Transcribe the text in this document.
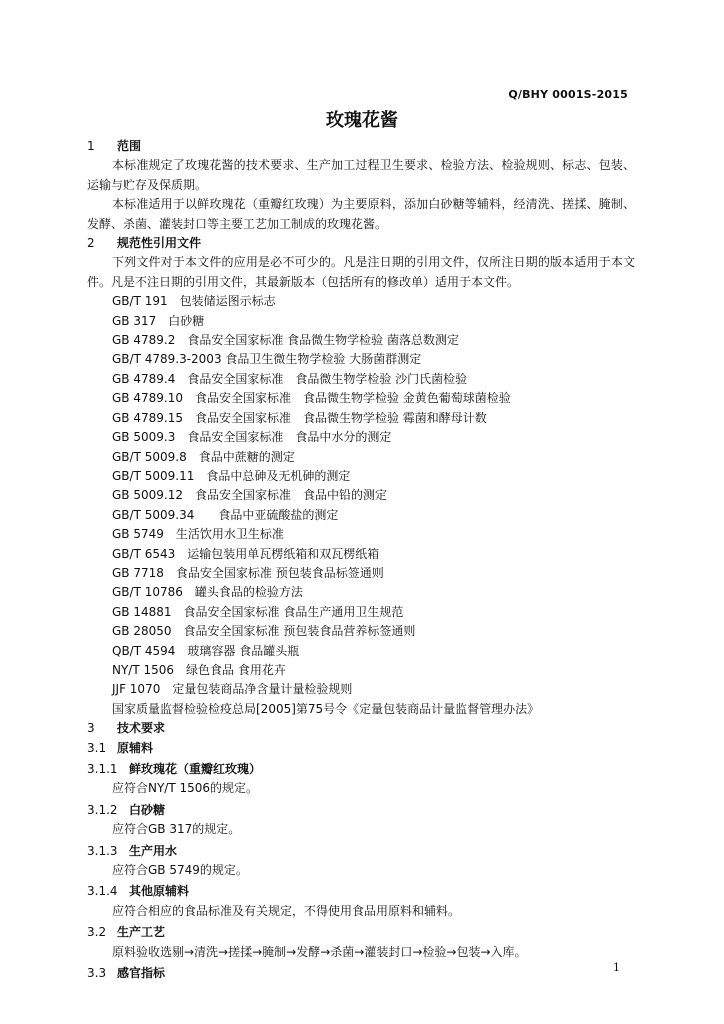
Q/BHY 0001S-2015
玫瑰花酱
1 范围
本标准规定了玫瑰花酱的技术要求、生产加工过程卫生要求、检验方法、检验规则、标志、包装、运输与贮存及保质期。
本标准适用于以鲜玫瑰花（重瓣红玫瑰）为主要原料，添加白砂糖等辅料，经清洗、搓揉、腌制、发酵、杀菌、灌装封口等主要工艺加工制成的玫瑰花酱。
2 规范性引用文件
下列文件对于本文件的应用是必不可少的。凡是注日期的引用文件，仅所注日期的版本适用于本文件。凡是不注日期的引用文件，其最新版本（包括所有的修改单）适用于本文件。
GB/T 191　包装储运图示标志
GB 317　白砂糖
GB 4789.2　食品安全国家标准 食品微生物学检验 菌落总数测定
GB/T 4789.3-2003 食品卫生微生物学检验 大肠菌群测定
GB 4789.4　食品安全国家标准　食品微生物学检验 沙门氏菌检验
GB 4789.10　食品安全国家标准　食品微生物学检验 金黄色葡萄球菌检验
GB 4789.15　食品安全国家标准　食品微生物学检验 霉菌和酵母计数
GB 5009.3　食品安全国家标准　食品中水分的测定
GB/T 5009.8　食品中蔗糖的测定
GB/T 5009.11　食品中总砷及无机砷的测定
GB 5009.12　食品安全国家标准　食品中铅的测定
GB/T 5009.34　　食品中亚硫酸盐的测定
GB 5749　生活饮用水卫生标准
GB/T 6543　运输包装用单瓦楞纸箱和双瓦楞纸箱
GB 7718　食品安全国家标准 预包装食品标签通则
GB/T 10786　罐头食品的检验方法
GB 14881　食品安全国家标准 食品生产通用卫生规范
GB 28050　食品安全国家标准 预包装食品营养标签通则
QB/T 4594　玻璃容器 食品罐头瓶
NY/T 1506　绿色食品 食用花卉
JJF 1070　定量包装商品净含量计量检验规则
国家质量监督检验检疫总局[2005]第75号令《定量包装商品计量监督管理办法》
3 技术要求
3.1 原辅料
3.1.1 鲜玫瑰花（重瓣红玫瑰）
应符合NY/T 1506的规定。
3.1.2 白砂糖
应符合GB 317的规定。
3.1.3 生产用水
应符合GB 5749的规定。
3.1.4 其他原辅料
应符合相应的食品标准及有关规定，不得使用食品用原料和辅料。
3.2 生产工艺
原料验收选剔→清洗→搓揉→腌制→发酵→杀菌→灌装封口→检验→包装→入库。
3.3 感官指标	1
